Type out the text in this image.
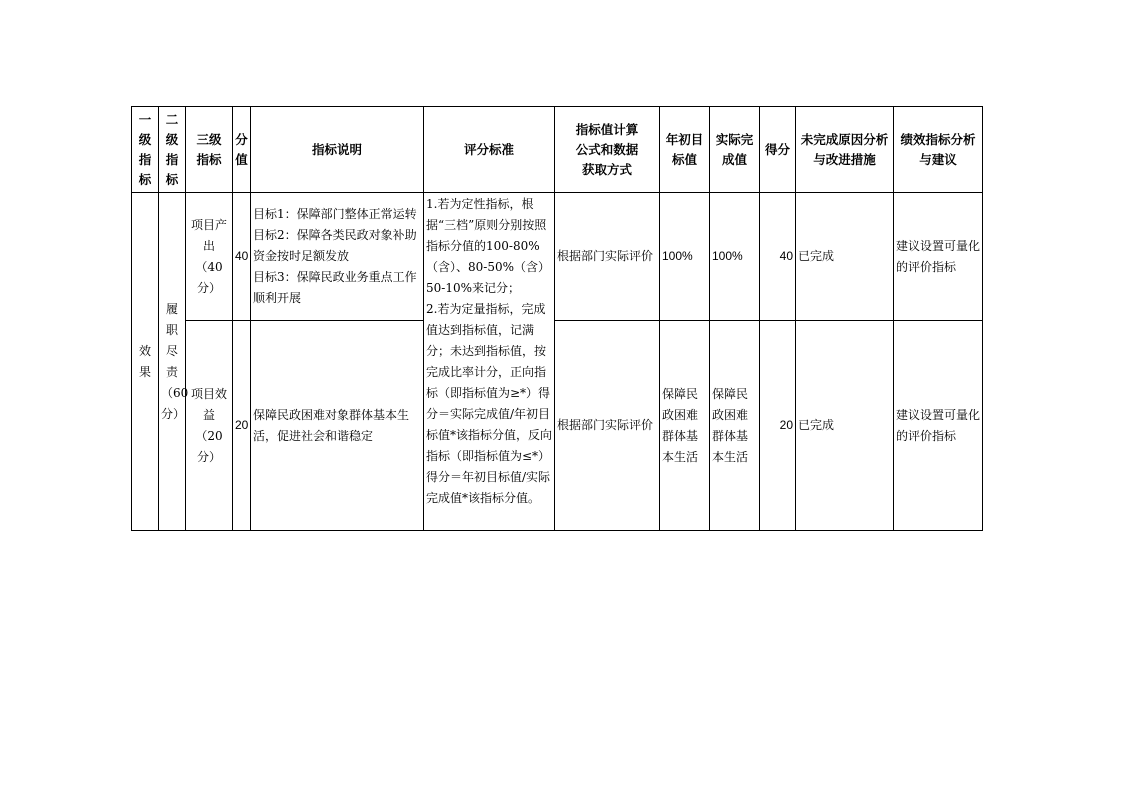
一
级
指
标	二
级
指
标	三级
指标	分
值	指标说明	评分标准	指标值计算
公式和数据
获取方式	年初目
标值	实际完
成值	得分	未完成原因分析
与改进措施	绩效指标分析
与建议
效
果	履职
尽责
（60
分）	项目产
出
（40
分）	40	目标1：保障部门整体正常运转
目标2：保障各类民政对象补助资金按时足额发放
目标3：保障民政业务重点工作顺利开展	1.若为定性指标，根据“三档”原则分别按照指标分值的100-80%（含）、80-50%（含）50-10%来记分；
2.若为定量指标，完成值达到指标值，记满分；未达到指标值，按完成比率计分，正向指标（即指标值为≥*）得分＝实际完成值/年初目标值*该指标分值，反向指标（即指标值为≤*）得分＝年初目标值/实际完成值*该指标分值。	根据部门实际评价	100%	100%	40	已完成	建议设置可量化的评价指标
		项目效
益
（20
分）	20	保障民政困难对象群体基本生活，促进社会和谐稳定		根据部门实际评价	保障民政困难群体基本生活	保障民政困难群体基本生活	20	已完成	建议设置可量化的评价指标
